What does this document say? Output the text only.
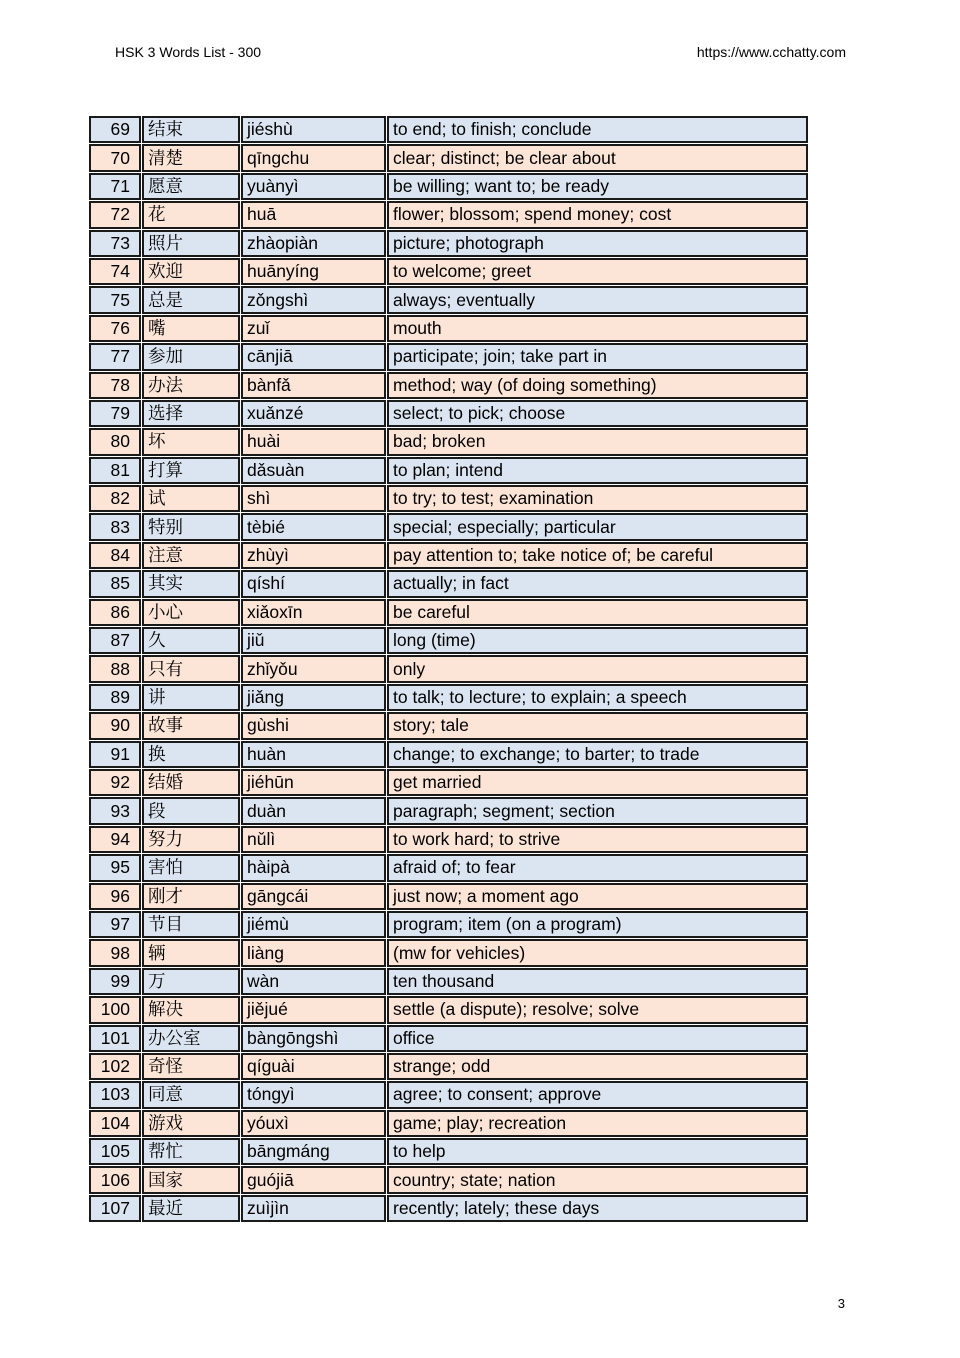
HSK 3 Words List - 300	https://www.cchatty.com
69	结束	jiéshù	to end; to finish; conclude
70	清楚	qīngchu	clear; distinct; be clear about
71	愿意	yuànyì	be willing; want to; be ready
72	花	huā	flower; blossom; spend money; cost
73	照片	zhàopiàn	picture; photograph
74	欢迎	huānyíng	to welcome; greet
75	总是	zǒngshì	always; eventually
76	嘴	zuǐ	mouth
77	参加	cānjiā	participate; join; take part in
78	办法	bànfǎ	method; way (of doing something)
79	选择	xuǎnzé	select; to pick; choose
80	坏	huài	bad; broken
81	打算	dǎsuàn	to plan; intend
82	试	shì	to try; to test; examination
83	特别	tèbié	special; especially; particular
84	注意	zhùyì	pay attention to; take notice of; be careful
85	其实	qíshí	actually; in fact
86	小心	xiǎoxīn	be careful
87	久	jiǔ	long (time)
88	只有	zhǐyǒu	only
89	讲	jiǎng	to talk; to lecture; to explain; a speech
90	故事	gùshi	story; tale
91	换	huàn	change; to exchange; to barter; to trade
92	结婚	jiéhūn	get married
93	段	duàn	paragraph; segment; section
94	努力	nǔlì	to work hard; to strive
95	害怕	hàipà	afraid of; to fear
96	刚才	gāngcái	just now; a moment ago
97	节目	jiémù	program; item (on a program)
98	辆	liàng	(mw for vehicles)
99	万	wàn	ten thousand
100	解决	jiějué	settle (a dispute); resolve; solve
101	办公室	bàngōngshì	office
102	奇怪	qíguài	strange; odd
103	同意	tóngyì	agree; to consent; approve
104	游戏	yóuxì	game; play; recreation
105	帮忙	bāngmáng	to help
106	国家	guójiā	country; state; nation
107	最近	zuìjìn	recently; lately; these days
3
